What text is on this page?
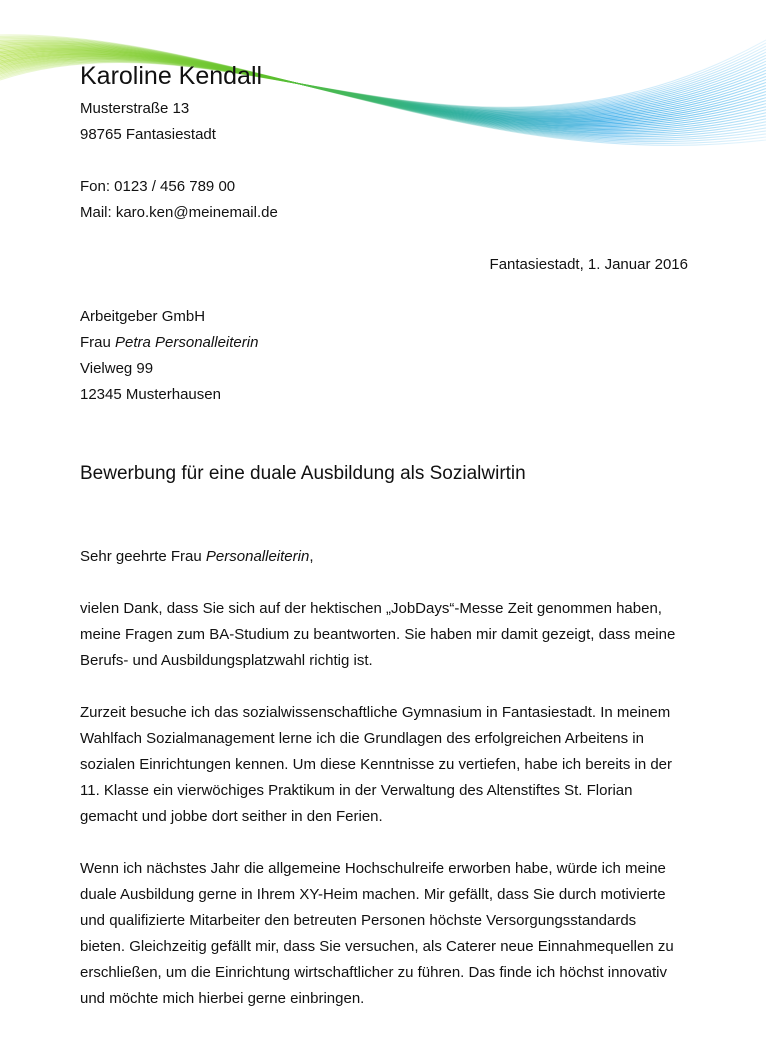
Karoline Kendall
Musterstraße 13
98765 Fantasiestadt
Fon: 0123 / 456 789 00
Mail: karo.ken@meinemail.de
Fantasiestadt, 1. Januar 2016
Arbeitgeber GmbH
Frau Petra Personalleiterin
Vielweg 99
12345 Musterhausen
Bewerbung für eine duale Ausbildung als Sozialwirtin
Sehr geehrte Frau Personalleiterin,

vielen Dank, dass Sie sich auf der hektischen „JobDays“-Messe Zeit genommen haben, meine Fragen zum BA-Studium zu beantworten. Sie haben mir damit gezeigt, dass meine Berufs- und Ausbildungsplatzwahl richtig ist.

Zurzeit besuche ich das sozialwissenschaftliche Gymnasium in Fantasiestadt. In meinem Wahlfach Sozialmanagement lerne ich die Grundlagen des erfolgreichen Arbeitens in sozialen Einrichtungen kennen. Um diese Kenntnisse zu vertiefen, habe ich bereits in der 11. Klasse ein vierwöchiges Praktikum in der Verwaltung des Altenstiftes St. Florian gemacht und jobbe dort seither in den Ferien.

Wenn ich nächstes Jahr die allgemeine Hochschulreife erworben habe, würde ich meine duale Ausbildung gerne in Ihrem XY-Heim machen. Mir gefällt, dass Sie durch motivierte und qualifizierte Mitarbeiter den betreuten Personen höchste Versorgungsstandards bieten. Gleichzeitig gefällt mir, dass Sie versuchen, als Caterer neue Einnahmequellen zu erschließen, um die Einrichtung wirtschaftlicher zu führen. Das finde ich höchst innovativ und möchte mich hierbei gerne einbringen.
